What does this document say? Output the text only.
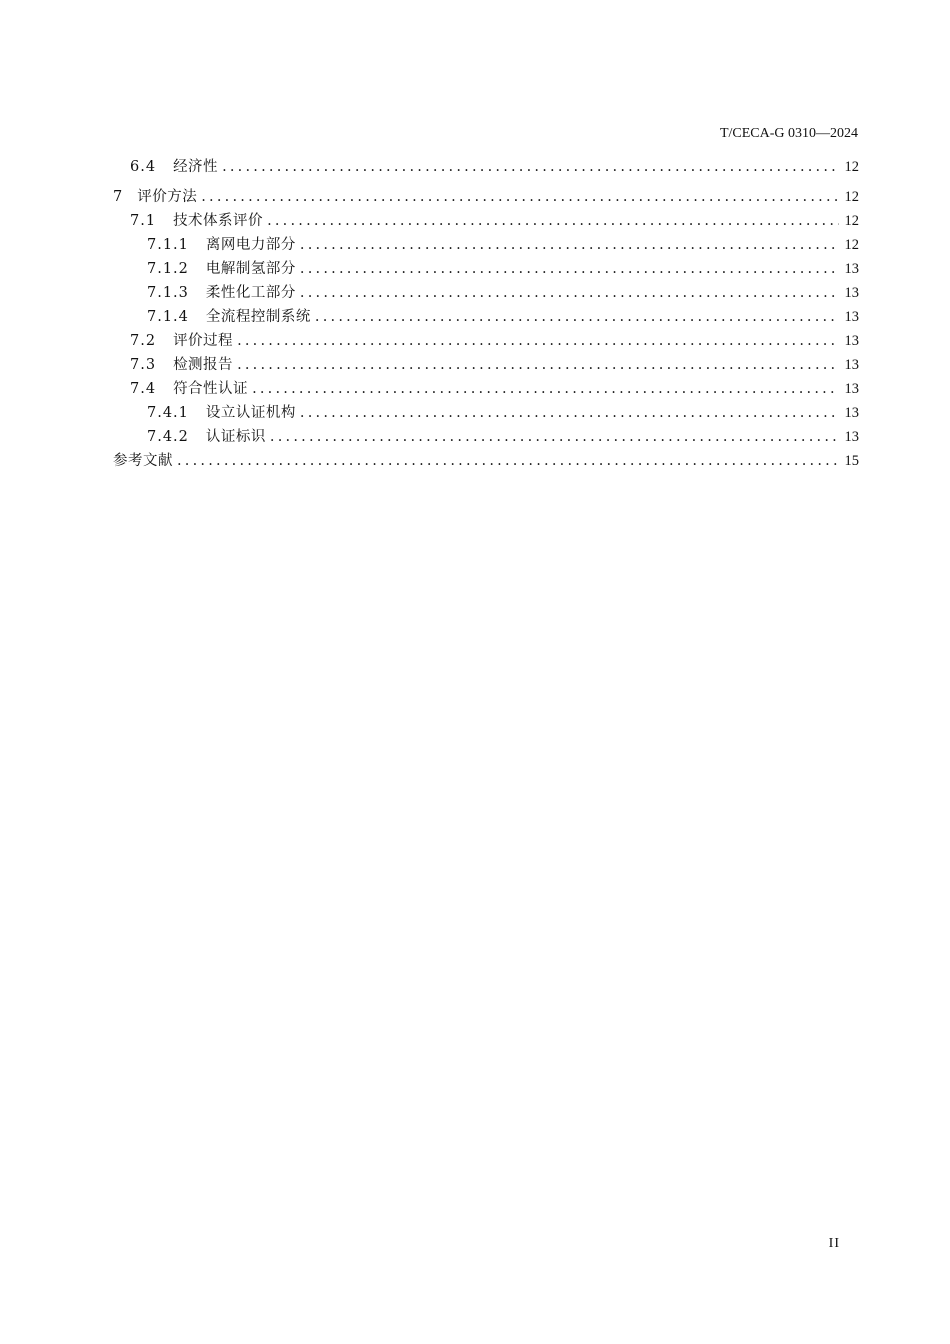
T/CECA-G 0310—2024
6.4 经济性 .....	12
7 评价方法 .....	12
7.1 技术体系评价 .....	12
7.1.1 离网电力部分 .....	12
7.1.2 电解制氢部分 .....	13
7.1.3 柔性化工部分 .....	13
7.1.4 全流程控制系统 .....	13
7.2 评价过程 .....	13
7.3 检测报告 .....	13
7.4 符合性认证 .....	13
7.4.1 设立认证机构 .....	13
7.4.2 认证标识 .....	13
参考文献 .....	15
II
